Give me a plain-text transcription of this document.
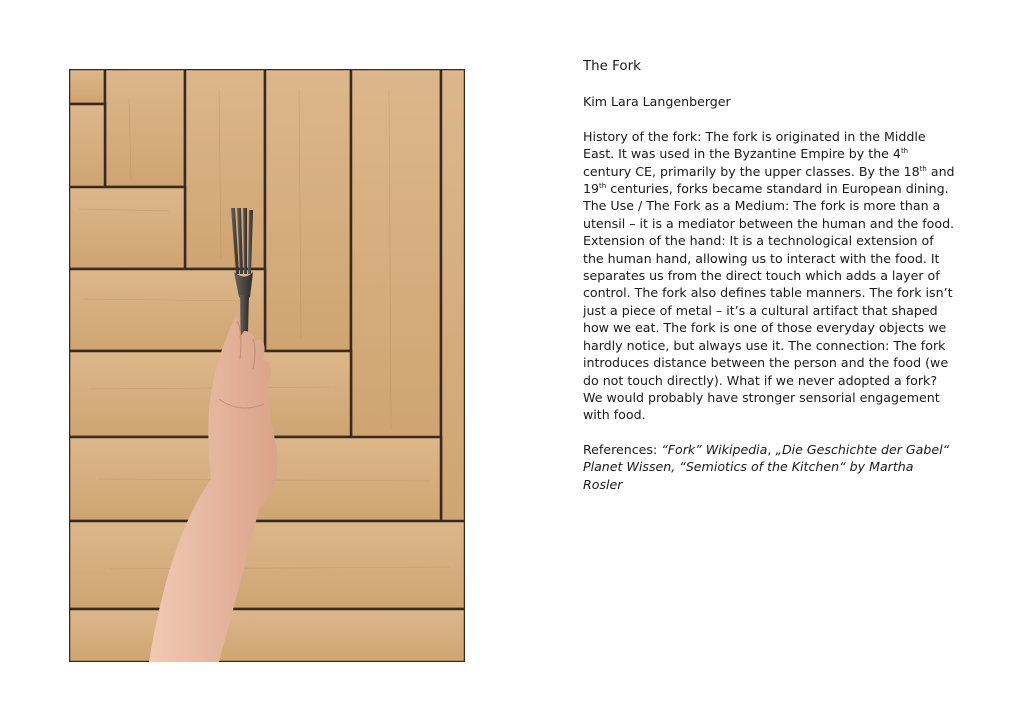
The Fork
Kim Lara Langenberger

History of the fork: The fork is originated in the Middle East. It was used in the Byzantine Empire by the 4th century CE, primarily by the upper classes. By the 18th and 19th centuries, forks became standard in European dining.

The Use / The Fork as a Medium: The fork is more than a utensil – it is a mediator between the human and the food. Extension of the hand: It is a technological extension of the human hand, allowing us to interact with the food. It separates us from the direct touch which adds a layer of control. The fork also defines table manners. The fork isn’t just a piece of metal – it’s a cultural artifact that shaped how we eat. The fork is one of those everyday objects we hardly notice, but always use it. The connection: The fork introduces distance between the person and the food (we do not touch directly). What if we never adopted a fork? We would probably have stronger sensorial engagement with food.

References: “Fork” Wikipedia, „Die Geschichte der Gabel“ Planet Wissen, “Semiotics of the Kitchen“ by Martha Rosler
